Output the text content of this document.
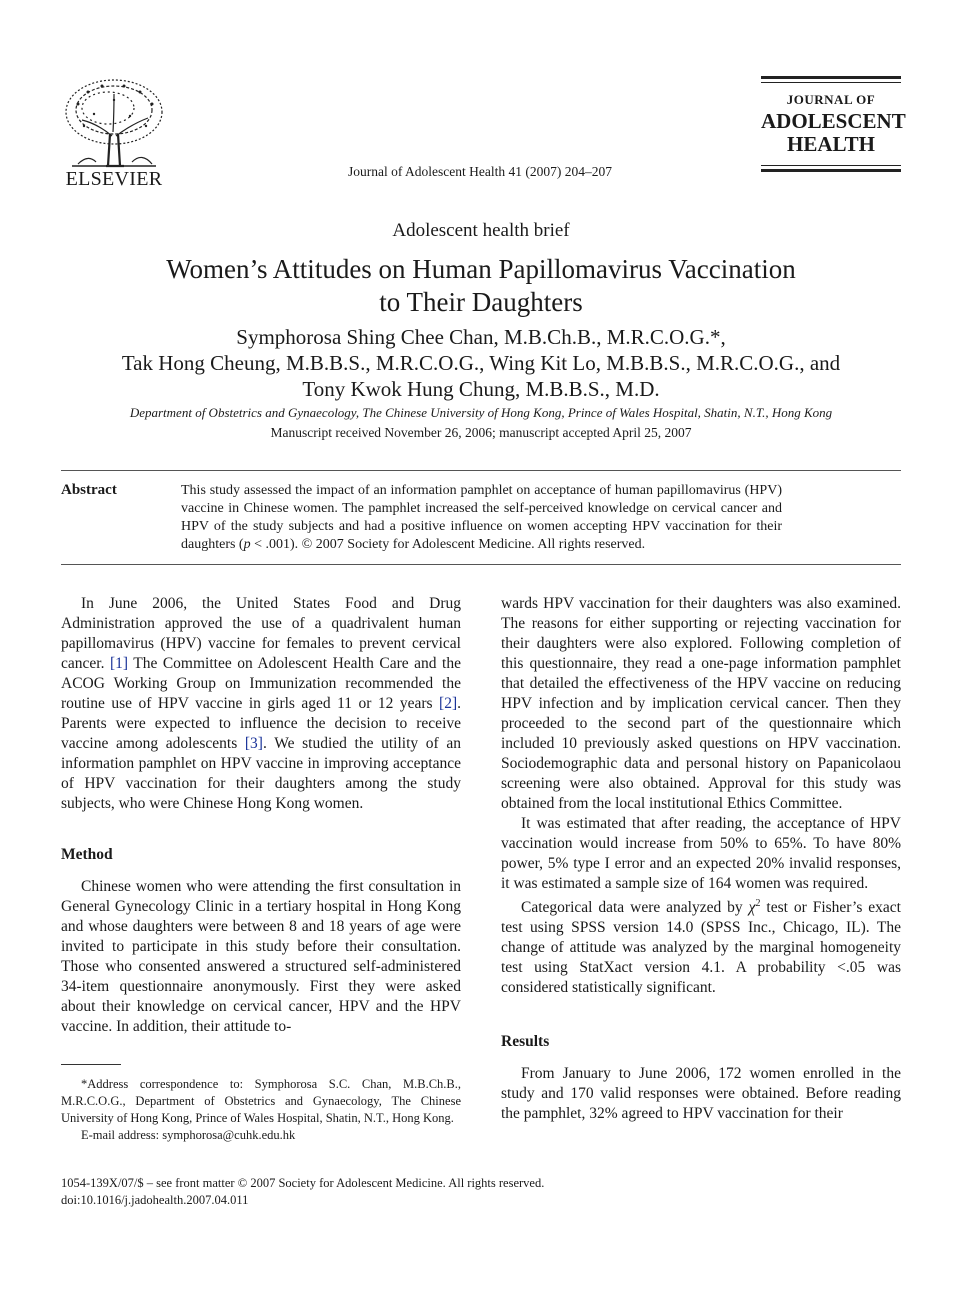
ELSEVIER	Journal of Adolescent Health 41 (2007) 204–207
JOURNAL OF
ADOLESCENT
HEALTH
Adolescent health brief
Women’s Attitudes on Human Papillomavirus Vaccination
to Their Daughters
Symphorosa Shing Chee Chan, M.B.Ch.B., M.R.C.O.G.*,
Tak Hong Cheung, M.B.B.S., M.R.C.O.G., Wing Kit Lo, M.B.B.S., M.R.C.O.G., and
Tony Kwok Hung Chung, M.B.B.S., M.D.
Department of Obstetrics and Gynaecology, The Chinese University of Hong Kong, Prince of Wales Hospital, Shatin, N.T., Hong Kong
Manuscript received November 26, 2006; manuscript accepted April 25, 2007
Abstract	This study assessed the impact of an information pamphlet on acceptance of human papillomavirus (HPV) vaccine in Chinese women. The pamphlet increased the self-perceived knowledge on cervical cancer and HPV of the study subjects and had a positive influence on women accepting HPV vaccination for their daughters (p < .001). © 2007 Society for Adolescent Medicine. All rights reserved.

In June 2006, the United States Food and Drug Administration approved the use of a quadrivalent human papillomavirus (HPV) vaccine for females to prevent cervical cancer. [1] The Committee on Adolescent Health Care and the ACOG Working Group on Immunization recommended the routine use of HPV vaccine in girls aged 11 or 12 years [2]. Parents were expected to influence the decision to receive vaccine among adolescents [3]. We studied the utility of an information pamphlet on HPV vaccine in improving acceptance of HPV vaccination for their daughters among the study subjects, who were Chinese Hong Kong women.

Method

Chinese women who were attending the first consultation in General Gynecology Clinic in a tertiary hospital in Hong Kong and whose daughters were between 8 and 18 years of age were invited to participate in this study before their consultation. Those who consented answered a structured self-administered 34-item questionnaire anonymously. First they were asked about their knowledge on cervical cancer, HPV and the HPV vaccine. In addition, their attitude to-

*Address correspondence to: Symphorosa S.C. Chan, M.B.Ch.B., M.R.C.O.G., Department of Obstetrics and Gynaecology, The Chinese University of Hong Kong, Prince of Wales Hospital, Shatin, N.T., Hong Kong.

E-mail address: symphorosa@cuhk.edu.hk

wards HPV vaccination for their daughters was also examined. The reasons for either supporting or rejecting vaccination for their daughters were also explored. Following completion of this questionnaire, they read a one-page information pamphlet that detailed the effectiveness of the HPV vaccine on reducing HPV infection and by implication cervical cancer. Then they proceeded to the second part of the questionnaire which included 10 previously asked questions on HPV vaccination. Sociodemographic data and personal history on Papanicolaou screening were also obtained. Approval for this study was obtained from the local institutional Ethics Committee.

It was estimated that after reading, the acceptance of HPV vaccination would increase from 50% to 65%. To have 80% power, 5% type I error and an expected 20% invalid responses, it was estimated a sample size of 164 women was required.

Categorical data were analyzed by $\chi^2$ test or Fisher’s exact test using SPSS version 14.0 (SPSS Inc., Chicago, IL). The change of attitude was analyzed by the marginal homogeneity test using StatXact version 4.1. A probability <.05 was considered statistically significant.

Results

From January to June 2006, 172 women enrolled in the study and 170 valid responses were obtained. Before reading the pamphlet, 32% agreed to HPV vaccination for their

1054-139X/07/$ – see front matter © 2007 Society for Adolescent Medicine. All rights reserved.
doi:10.1016/j.jadohealth.2007.04.011
